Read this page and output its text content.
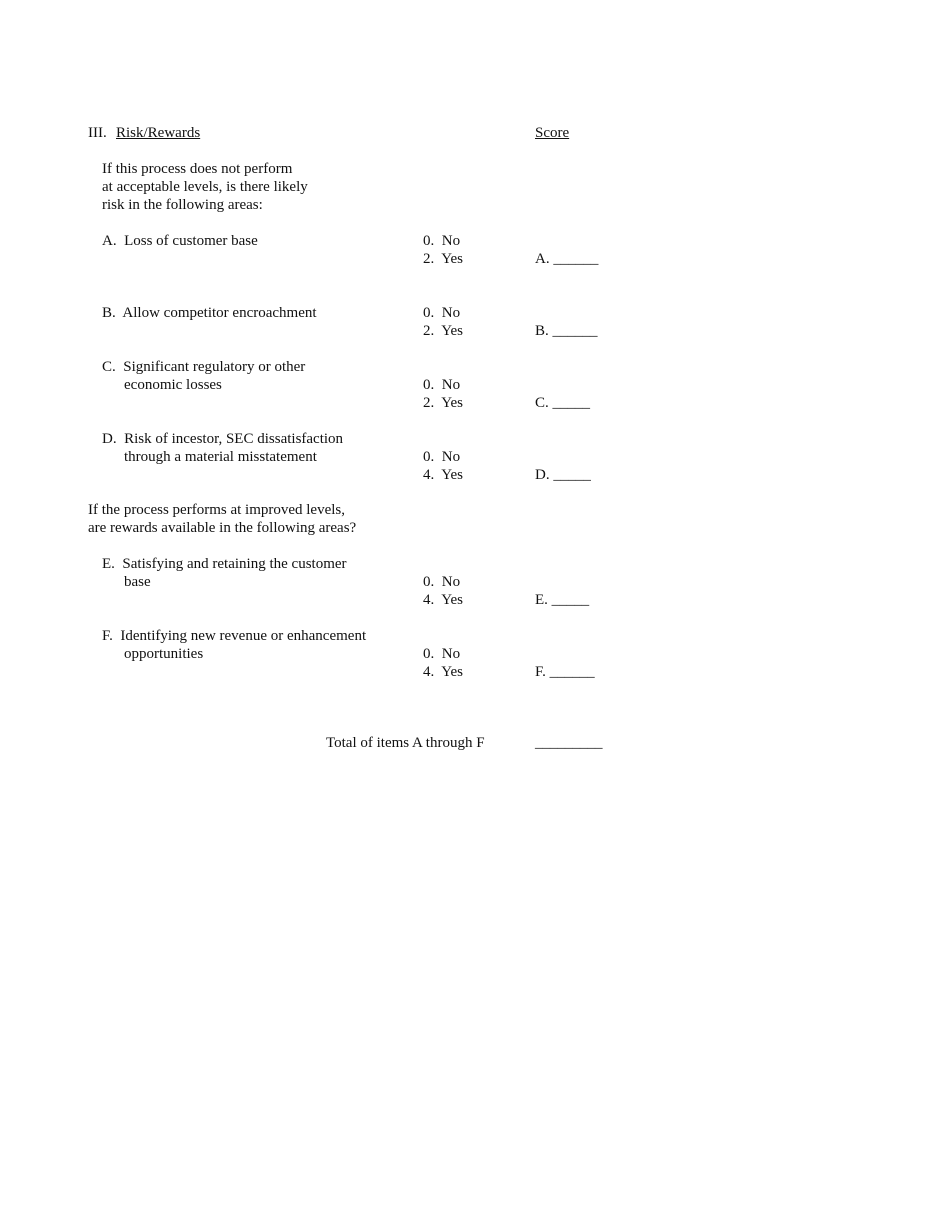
III. Risk/Rewards	Score
If this process does not perform
at acceptable levels, is there likely
risk in the following areas:
A.  Loss of customer base	0.  No
2.  Yes	A. ______
B.  Allow competitor encroachment	0.  No
2.  Yes	B. ______
C.  Significant regulatory or other
economic losses	0.  No
2.  Yes	C. _____
D.  Risk of incestor, SEC dissatisfaction
through a material misstatement	0.  No
4.  Yes	D. _____
If the process performs at improved levels,
are rewards available in the following areas?
E.  Satisfying and retaining the customer
base	0.  No
4.  Yes	E. _____
F.  Identifying new revenue or enhancement
opportunities	0.  No
4.  Yes	F. ______
Total of items A through F	_________
